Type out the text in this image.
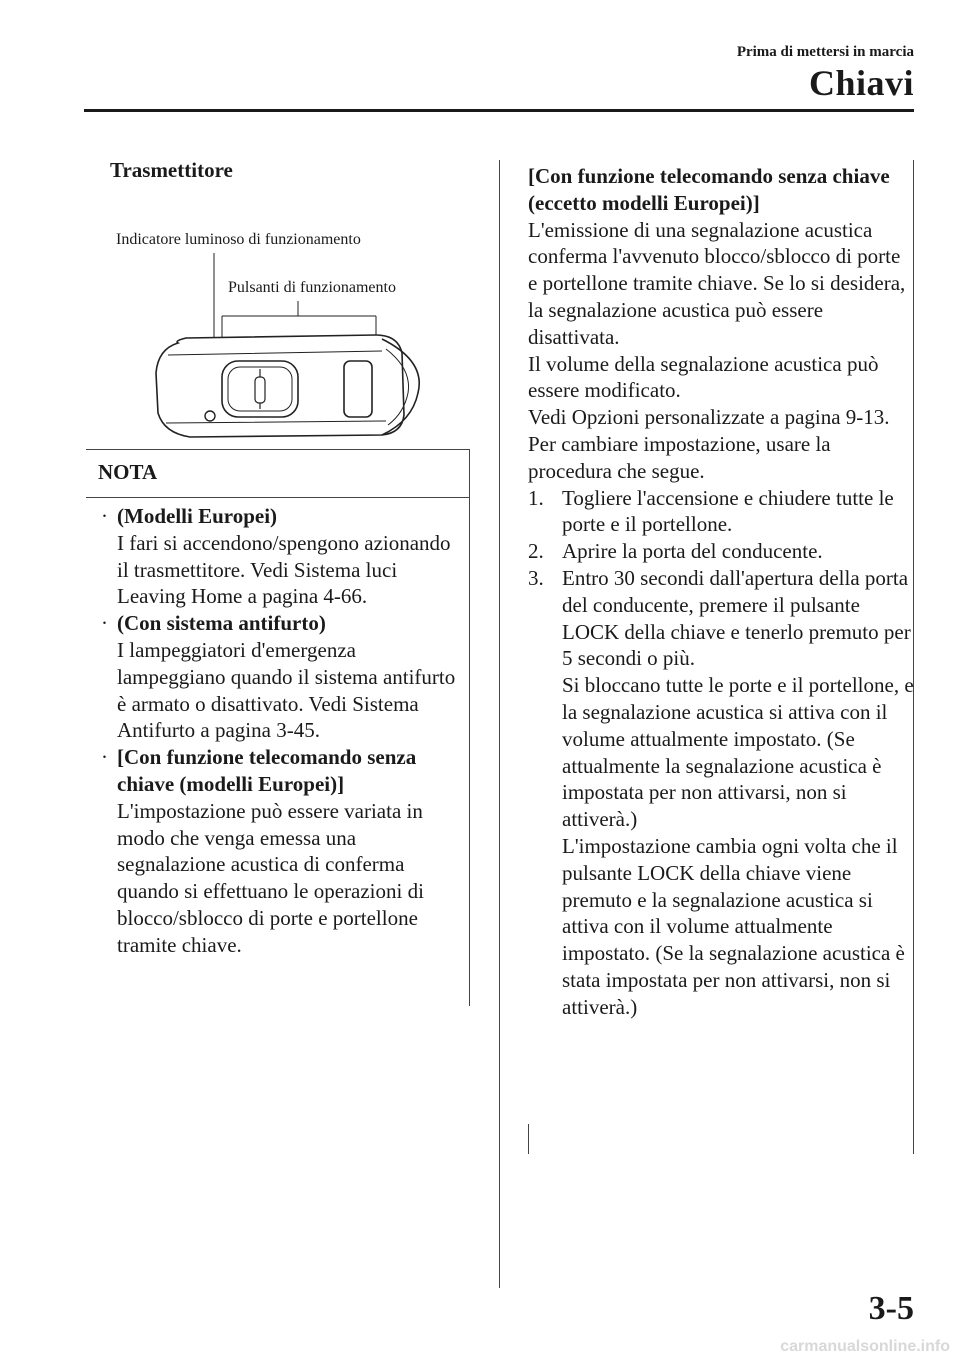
Prima di mettersi in marcia
Chiavi
Trasmettitore
Indicatore luminoso di funzionamento
Pulsanti di funzionamento
NOTA
· (Modelli Europei)
I fari si accendono/spengono azionando il trasmettitore. Vedi Sistema luci Leaving Home a pagina 4-66.
· (Con sistema antifurto)
I lampeggiatori d'emergenza lampeggiano quando il sistema antifurto è armato o disattivato. Vedi Sistema Antifurto a pagina 3-45.
· [Con funzione telecomando senza chiave (modelli Europei)]
L'impostazione può essere variata in modo che venga emessa una segnalazione acustica di conferma quando si effettuano le operazioni di blocco/sblocco di porte e portellone tramite chiave.
[Con funzione telecomando senza chiave (eccetto modelli Europei)]
L'emissione di una segnalazione acustica conferma l'avvenuto blocco/sblocco di porte e portellone tramite chiave. Se lo si desidera, la segnalazione acustica può essere disattivata.
Il volume della segnalazione acustica può essere modificato.
Vedi Opzioni personalizzate a pagina 9-13.
Per cambiare impostazione, usare la procedura che segue.
1. Togliere l'accensione e chiudere tutte le porte e il portellone.
2. Aprire la porta del conducente.
3. Entro 30 secondi dall'apertura della porta del conducente, premere il pulsante LOCK della chiave e tenerlo premuto per 5 secondi o più.
Si bloccano tutte le porte e il portellone, e la segnalazione acustica si attiva con il volume attualmente impostato. (Se attualmente la segnalazione acustica è impostata per non attivarsi, non si attiverà.)
L'impostazione cambia ogni volta che il pulsante LOCK della chiave viene premuto e la segnalazione acustica si attiva con il volume attualmente impostato. (Se la segnalazione acustica è stata impostata per non attivarsi, non si attiverà.)
3-5
carmanualsonline.info
